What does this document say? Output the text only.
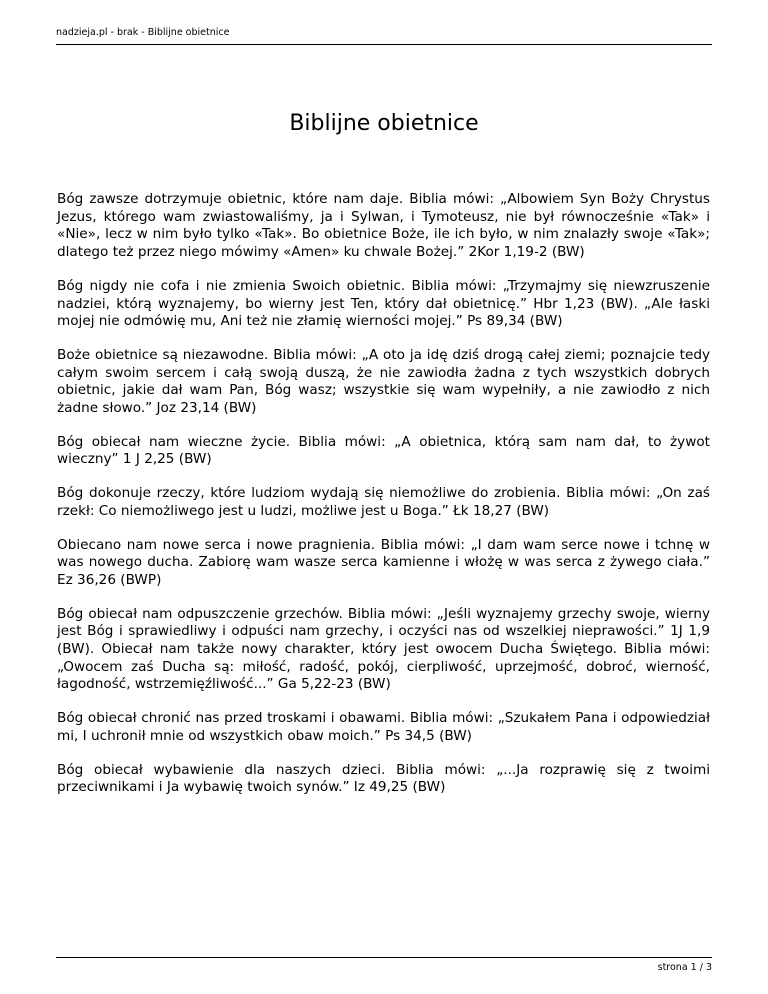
nadzieja.pl - brak - Biblijne obietnice
Biblijne obietnice

Bóg zawsze dotrzymuje obietnic, które nam daje. Biblia mówi: „Albowiem Syn Boży Chrystus Jezus, którego wam zwiastowaliśmy, ja i Sylwan, i Tymoteusz, nie był równocześnie «Tak» i «Nie», lecz w nim było tylko «Tak». Bo obietnice Boże, ile ich było, w nim znalazły swoje «Tak»; dlatego też przez niego mówimy «Amen» ku chwale Bożej.” 2Kor 1,19-2 (BW)

Bóg nigdy nie cofa i nie zmienia Swoich obietnic. Biblia mówi: „Trzymajmy się niewzruszenie nadziei, którą wyznajemy, bo wierny jest Ten, który dał obietnicę.” Hbr 1,23 (BW). „Ale łaski mojej nie odmówię mu, Ani też nie złamię wierności mojej.” Ps 89,34 (BW)

Boże obietnice są niezawodne. Biblia mówi: „A oto ja idę dziś drogą całej ziemi; poznajcie tedy całym swoim sercem i całą swoją duszą, że nie zawiodła żadna z tych wszystkich dobrych obietnic, jakie dał wam Pan, Bóg wasz; wszystkie się wam wypełniły, a nie zawiodło z nich żadne słowo.” Joz 23,14 (BW)

Bóg obiecał nam wieczne życie. Biblia mówi: „A obietnica, którą sam nam dał, to żywot wieczny” 1 J 2,25 (BW)

Bóg dokonuje rzeczy, które ludziom wydają się niemożliwe do zrobienia. Biblia mówi: „On zaś rzekł: Co niemożliwego jest u ludzi, możliwe jest u Boga.” Łk 18,27 (BW)

Obiecano nam nowe serca i nowe pragnienia. Biblia mówi: „I dam wam serce nowe i tchnę w was nowego ducha. Zabiorę wam wasze serca kamienne i włożę w was serca z żywego ciała.” Ez 36,26 (BWP)

Bóg obiecał nam odpuszczenie grzechów. Biblia mówi: „Jeśli wyznajemy grzechy swoje, wierny jest Bóg i sprawiedliwy i odpuści nam grzechy, i oczyści nas od wszelkiej nieprawości.” 1J 1,9 (BW). Obiecał nam także nowy charakter, który jest owocem Ducha Świętego. Biblia mówi: „Owocem zaś Ducha są: miłość, radość, pokój, cierpliwość, uprzejmość, dobroć, wierność, łagodność, wstrzemięźliwość...” Ga 5,22-23 (BW)

Bóg obiecał chronić nas przed troskami i obawami. Biblia mówi: „Szukałem Pana i odpowiedział mi, I uchronił mnie od wszystkich obaw moich.” Ps 34,5 (BW)

Bóg obiecał wybawienie dla naszych dzieci. Biblia mówi: „...Ja rozprawię się z twoimi przeciwnikami i Ja wybawię twoich synów.” Iz 49,25 (BW)

strona 1 / 3
